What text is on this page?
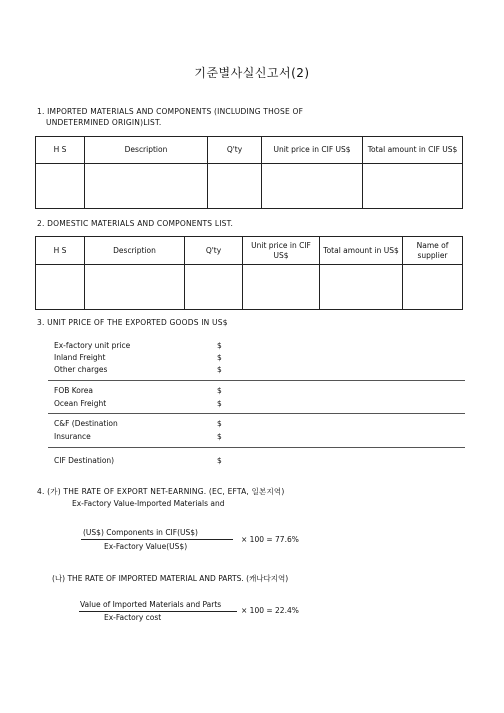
기준별사실신고서(2)
1. IMPORTED MATERIALS AND COMPONENTS (INCLUDING THOSE OF
UNDETERMINED ORIGIN)LIST.
H S	Description	Q'ty	Unit price in CIF US$	Total amount in CIF US$

2. DOMESTIC MATERIALS AND COMPONENTS LIST.
H S	Description	Q'ty	Unit price in CIF US$	Total amount in US$	Name of supplier

3. UNIT PRICE OF THE EXPORTED GOODS IN US$
Ex-factory unit price	$
Inland Freight	$
Other charges	$
FOB Korea	$
Ocean Freight	$
C&F (Destination	$
Insurance	$
CIF Destination)	$
4. (가) THE RATE OF EXPORT NET-EARNING. (EC, EFTA, 일본지역)
Ex-Factory Value-Imported Materials and
(US$) Components in CIF(US$)
Ex-Factory Value(US$)
× 100 = 77.6%
(나) THE RATE OF IMPORTED MATERIAL AND PARTS. (캐나다지역)
Value of Imported Materials and Parts
Ex-Factory cost
× 100 = 22.4%
